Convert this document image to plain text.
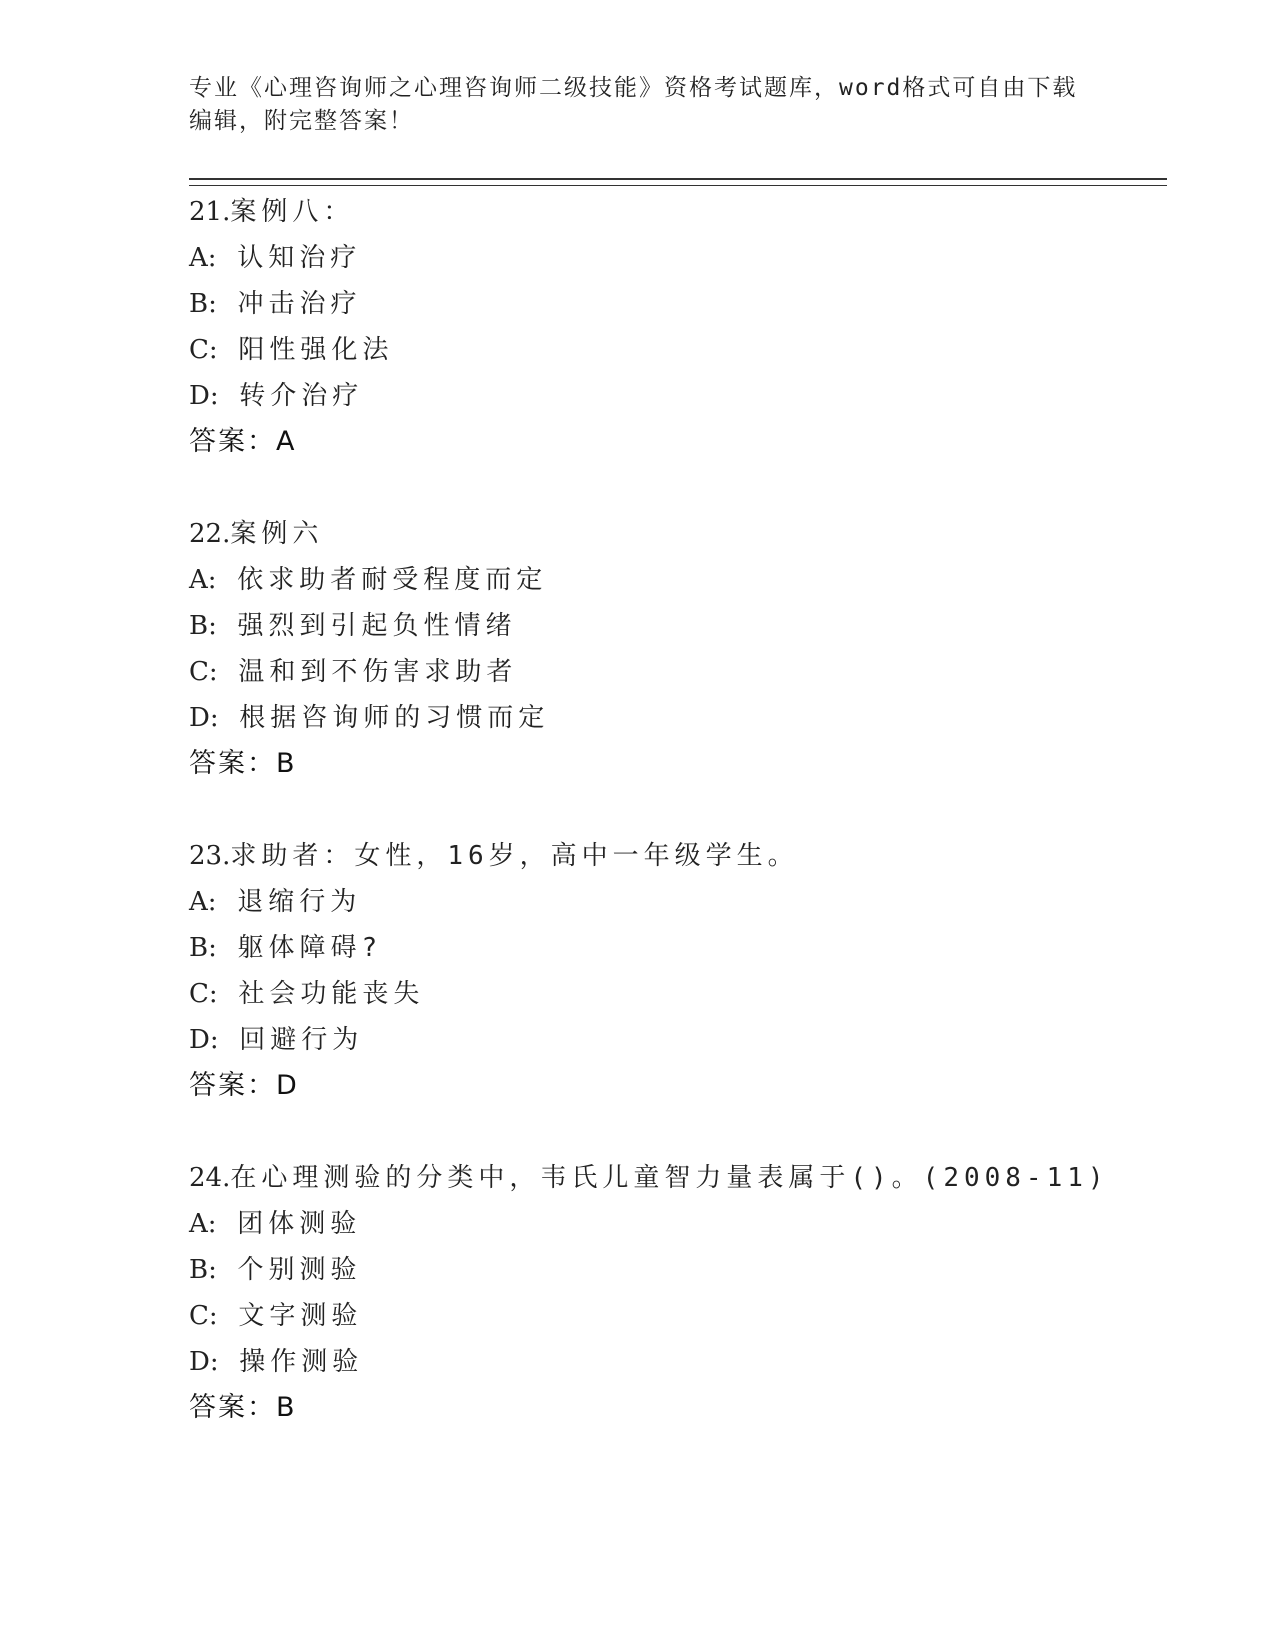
专业《心理咨询师之心理咨询师二级技能》资格考试题库，word格式可自由下载
编辑，附完整答案！
21.案例八：
A: 认知治疗
B: 冲击治疗
C: 阳性强化法
D: 转介治疗
答案：A
22.案例六
A: 依求助者耐受程度而定
B: 强烈到引起负性情绪
C: 温和到不伤害求助者
D: 根据咨询师的习惯而定
答案：B
23.求助者：女性，16岁，高中一年级学生。
A: 退缩行为
B: 躯体障碍?
C: 社会功能丧失
D: 回避行为
答案：D
24.在心理测验的分类中，韦氏儿童智力量表属于()。(2008-11)
A: 团体测验
B: 个别测验
C: 文字测验
D: 操作测验
答案：B
